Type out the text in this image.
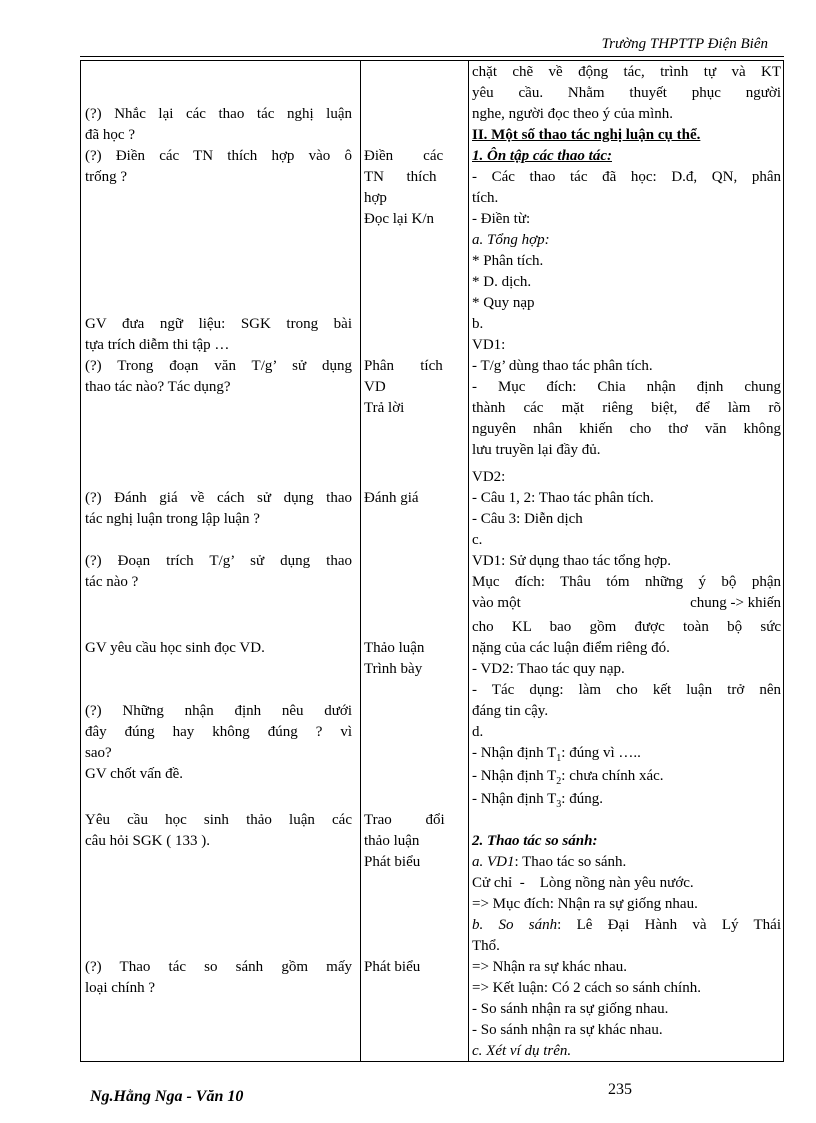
Trường THPTTP Điện Biên
(?) Nhắc lại các thao tác nghị luận
đã học ?
(?) Điền các TN thích hợp vào ô
trống ?
GV đưa ngữ liệu: SGK trong bài
tựa trích diễm thi tập …
(?) Trong đoạn văn T/g’ sử dụng
thao tác nào? Tác dụng?
(?) Đánh giá về cách sử dụng thao
tác nghị luận trong lập luận ?
(?) Đoạn trích T/g’ sử dụng thao
tác nào ?
GV yêu cầu học sinh đọc VD.
(?) Những nhận định nêu dưới
đây đúng hay không đúng ? vì
sao?
GV chốt vấn đề.
Yêu cầu học sinh thảo luận các
câu hỏi SGK ( 133 ).
(?) Thao tác so sánh gồm mấy
loại chính ?
Điền        các
TN      thích
hợp
Đọc lại K/n
Phân       tích
VD
Trả lời
Đánh giá
Thảo luận
Trình bày
Trao         đổi
thảo luận
Phát biểu
Phát biểu
chặt chẽ về động tác, trình tự và KT
yêu cầu. Nhằm thuyết phục người
nghe, người đọc theo ý của mình.
II. Một số thao tác nghị luận cụ thể.
1. Ôn tập các thao tác:
- Các thao tác đã học: D.đ, QN, phân
tích.
- Điền từ:
a. Tổng hợp:
* Phân tích.
* D. dịch.
* Quy nạp
b.
VD1:
- T/g’ dùng thao tác phân tích.
- Mục đích: Chia nhận định chung
thành các mặt riêng biệt, để làm rõ
nguyên nhân khiến cho thơ văn không
lưu truyền lại đầy đủ.
VD2:
- Câu 1, 2: Thao tác phân tích.
- Câu 3: Diễn dịch
c.
VD1: Sử dụng thao tác tổng hợp.
Mục đích: Thâu tóm những ý bộ phận
vào một	chung -> khiến
cho KL bao gồm được toàn bộ sức
nặng của các luận điểm riêng đó.
- VD2: Thao tác quy nạp.
- Tác dụng: làm cho kết luận trở nên
đáng tin cậy.
d.
- Nhận định $T_1$: đúng vì …..
- Nhận định $T_2$: chưa chính xác.
- Nhận định $T_3$: đúng.
2. Thao tác so sánh:
a. VD1: Thao tác so sánh.
Cử chỉ  -    Lòng nồng nàn yêu nước.
=> Mục đích: Nhận ra sự giống nhau.
b. So sánh: Lê Đại Hành và Lý Thái
Thổ.
=> Nhận ra sự khác nhau.
=> Kết luận: Có 2 cách so sánh chính.
- So sánh nhận ra sự giống nhau.
- So sánh nhận ra sự khác nhau.
c. Xét ví dụ trên.
Ng.Hằng Nga - Văn 10	235
